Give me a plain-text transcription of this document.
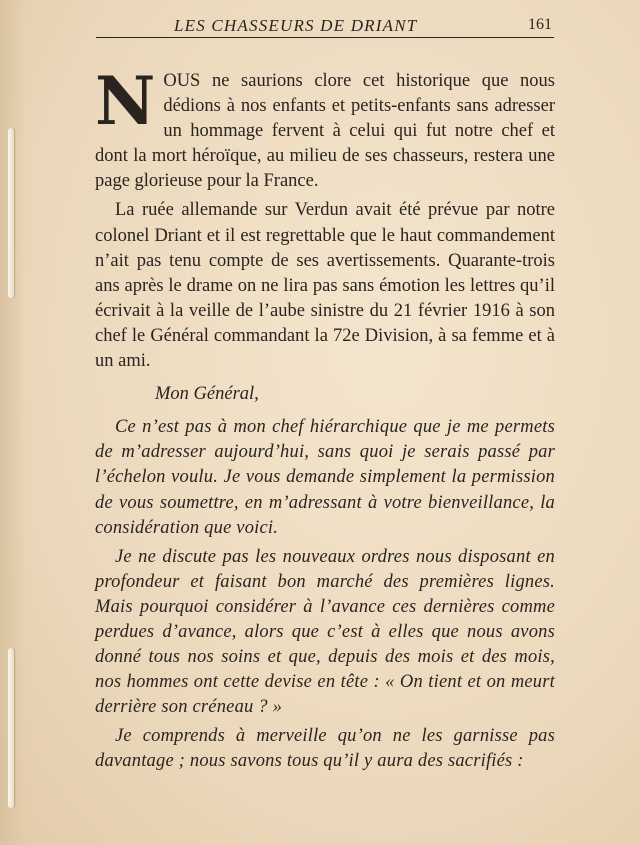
LES CHASSEURS DE DRIANT	161

NOUS ne saurions clore cet historique que nous dédions à nos enfants et petits-enfants sans adresser un hommage fervent à celui qui fut notre chef et dont la mort héroïque, au milieu de ses chasseurs, restera une page glorieuse pour la France.

La ruée allemande sur Verdun avait été prévue par notre colonel Driant et il est regrettable que le haut commandement n’ait pas tenu compte de ses avertissements. Quarante-trois ans après le drame on ne lira pas sans émotion les lettres qu’il écrivait à la veille de l’aube sinistre du 21 février 1916 à son chef le Général commandant la 72e Division, à sa femme et à un ami.

Mon Général,

Ce n’est pas à mon chef hiérarchique que je me permets de m’adresser aujourd’hui, sans quoi je serais passé par l’échelon voulu. Je vous demande simplement la permission de vous soumettre, en m’adressant à votre bienveillance, la considération que voici.

Je ne discute pas les nouveaux ordres nous disposant en profondeur et faisant bon marché des premières lignes. Mais pourquoi considérer à l’avance ces dernières comme perdues d’avance, alors que c’est à elles que nous avons donné tous nos soins et que, depuis des mois et des mois, nos hommes ont cette devise en tête : « On tient et on meurt derrière son créneau ? »

Je comprends à merveille qu’on ne les garnisse pas davantage ; nous savons tous qu’il y aura des sacrifiés :
